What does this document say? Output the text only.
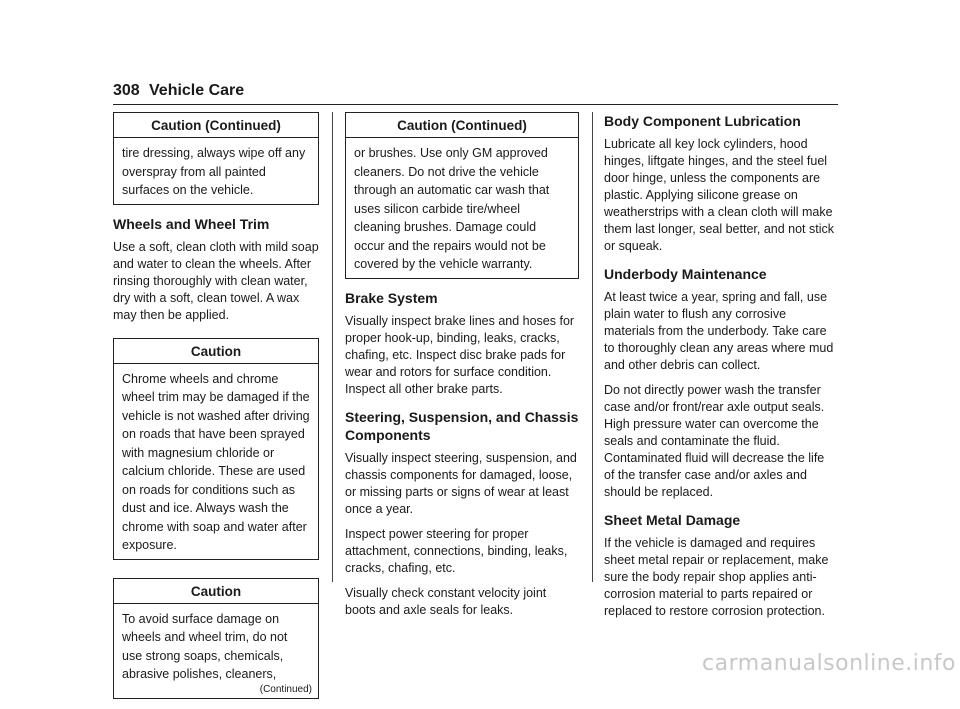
308 Vehicle Care
Caution (Continued)
tire dressing, always wipe off any overspray from all painted surfaces on the vehicle.
Wheels and Wheel Trim

Use a soft, clean cloth with mild soap and water to clean the wheels. After rinsing thoroughly with clean water, dry with a soft, clean towel. A wax may then be applied.

Caution
Chrome wheels and chrome wheel trim may be damaged if the vehicle is not washed after driving on roads that have been sprayed with magnesium chloride or calcium chloride. These are used on roads for conditions such as dust and ice. Always wash the chrome with soap and water after exposure.
Caution
To avoid surface damage on wheels and wheel trim, do not use strong soaps, chemicals, abrasive polishes, cleaners,
(Continued)
Caution (Continued)
or brushes. Use only GM approved cleaners. Do not drive the vehicle through an automatic car wash that uses silicon carbide tire/wheel cleaning brushes. Damage could occur and the repairs would not be covered by the vehicle warranty.
Brake System

Visually inspect brake lines and hoses for proper hook-up, binding, leaks, cracks, chafing, etc. Inspect disc brake pads for wear and rotors for surface condition. Inspect all other brake parts.

Steering, Suspension, and Chassis Components

Visually inspect steering, suspension, and chassis components for damaged, loose, or missing parts or signs of wear at least once a year.

Inspect power steering for proper attachment, connections, binding, leaks, cracks, chafing, etc.

Visually check constant velocity joint boots and axle seals for leaks.

Body Component Lubrication

Lubricate all key lock cylinders, hood hinges, liftgate hinges, and the steel fuel door hinge, unless the components are plastic. Applying silicone grease on weatherstrips with a clean cloth will make them last longer, seal better, and not stick or squeak.

Underbody Maintenance

At least twice a year, spring and fall, use plain water to flush any corrosive materials from the underbody. Take care to thoroughly clean any areas where mud and other debris can collect.

Do not directly power wash the transfer case and/or front/rear axle output seals. High pressure water can overcome the seals and contaminate the fluid. Contaminated fluid will decrease the life of the transfer case and/or axles and should be replaced.

Sheet Metal Damage

If the vehicle is damaged and requires sheet metal repair or replacement, make sure the body repair shop applies anti-corrosion material to parts repaired or replaced to restore corrosion protection.

carmanualsonline.info
